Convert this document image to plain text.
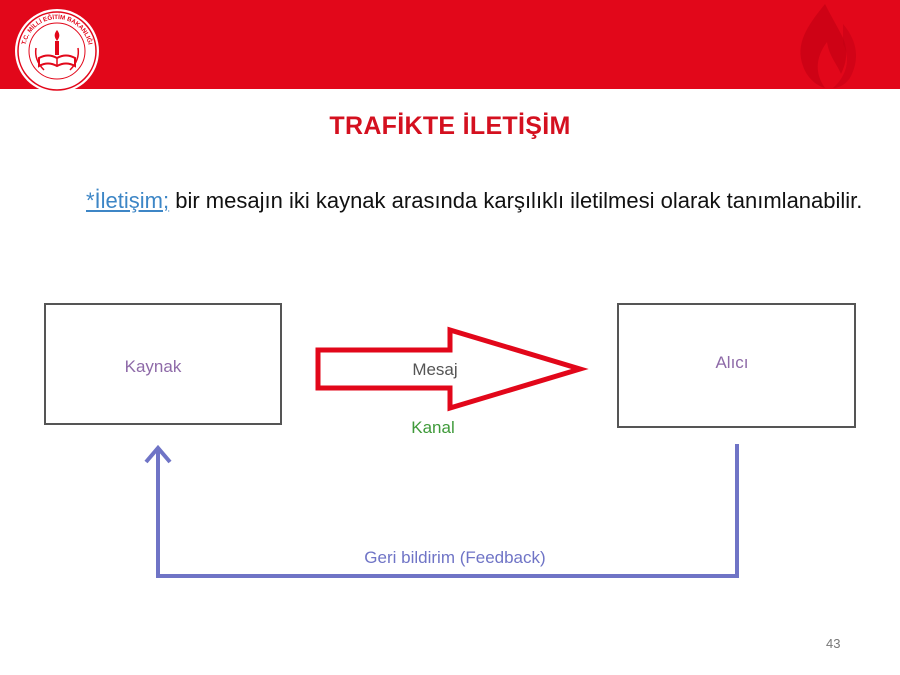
T.C. MİLLİ EĞİTİM BAKANLIĞI
TRAFİKTE İLETİŞİM
*İletişim; bir mesajın iki kaynak arasında karşılıklı iletilmesi olarak tanımlanabilir.
Kaynak	Alıcı
Mesaj
Kanal
Geri bildirim (Feedback)
43
